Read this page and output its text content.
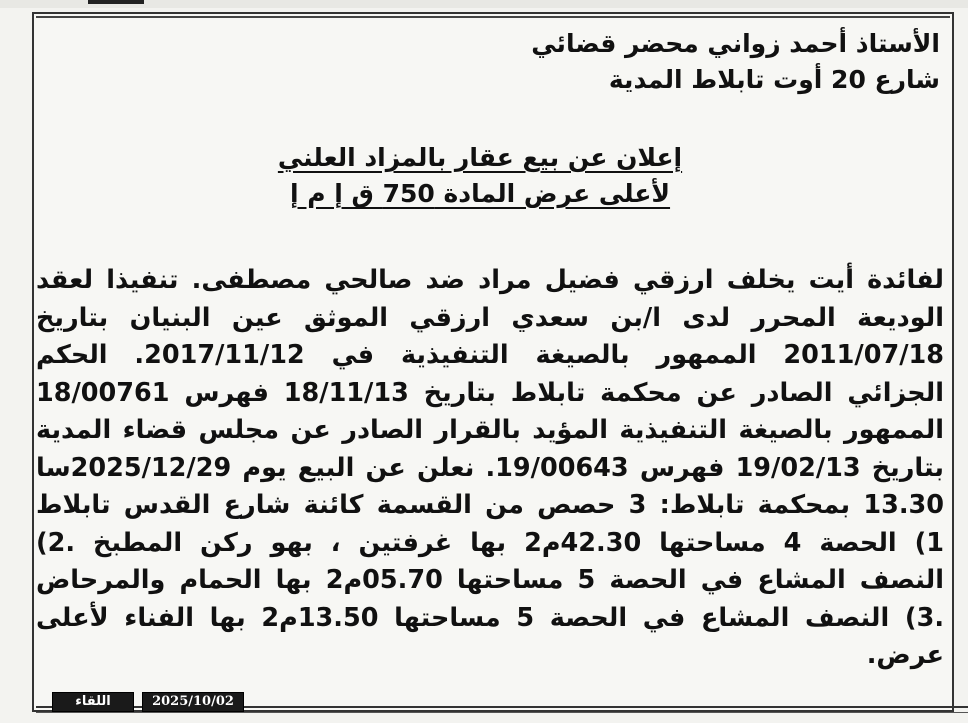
الأستاذ أحمد زواني محضر قضائي
شارع 20 أوت تابلاط المدية
إعلان عن بيع عقار بالمزاد العلني
لأعلى عرض المادة 750 ق إ م إ
لفائدة أيت يخلف ارزقي فضيل مراد ضد صالحي مصطفى. تنفيذا لعقد الوديعة المحرر لدى ا/بن سعدي ارزقي الموثق عين البنيان بتاريخ 2011/07/18 الممهور بالصيغة التنفيذية في 2017/11/12. الحكم الجزائي الصادر عن محكمة تابلاط بتاريخ 18/11/13 فهرس 18/00761 الممهور بالصيغة التنفيذية المؤيد بالقرار الصادر عن مجلس قضاء المدية بتاريخ 19/02/13 فهرس 19/00643. نعلن عن البيع يوم 2025/12/29سا 13.30 بمحكمة تابلاط: 3 حصص من القسمة كائنة شارع القدس تابلاط 1) الحصة 4 مساحتها 42.30م2 بها غرفتين ، بهو ركن المطبخ .2) النصف المشاع في الحصة 5 مساحتها 05.70م2 بها الحمام والمرحاض .3) النصف المشاع في الحصة 5 مساحتها 13.50م2 بها الفناء لأعلى عرض.
اللقاء	2025/10/02
